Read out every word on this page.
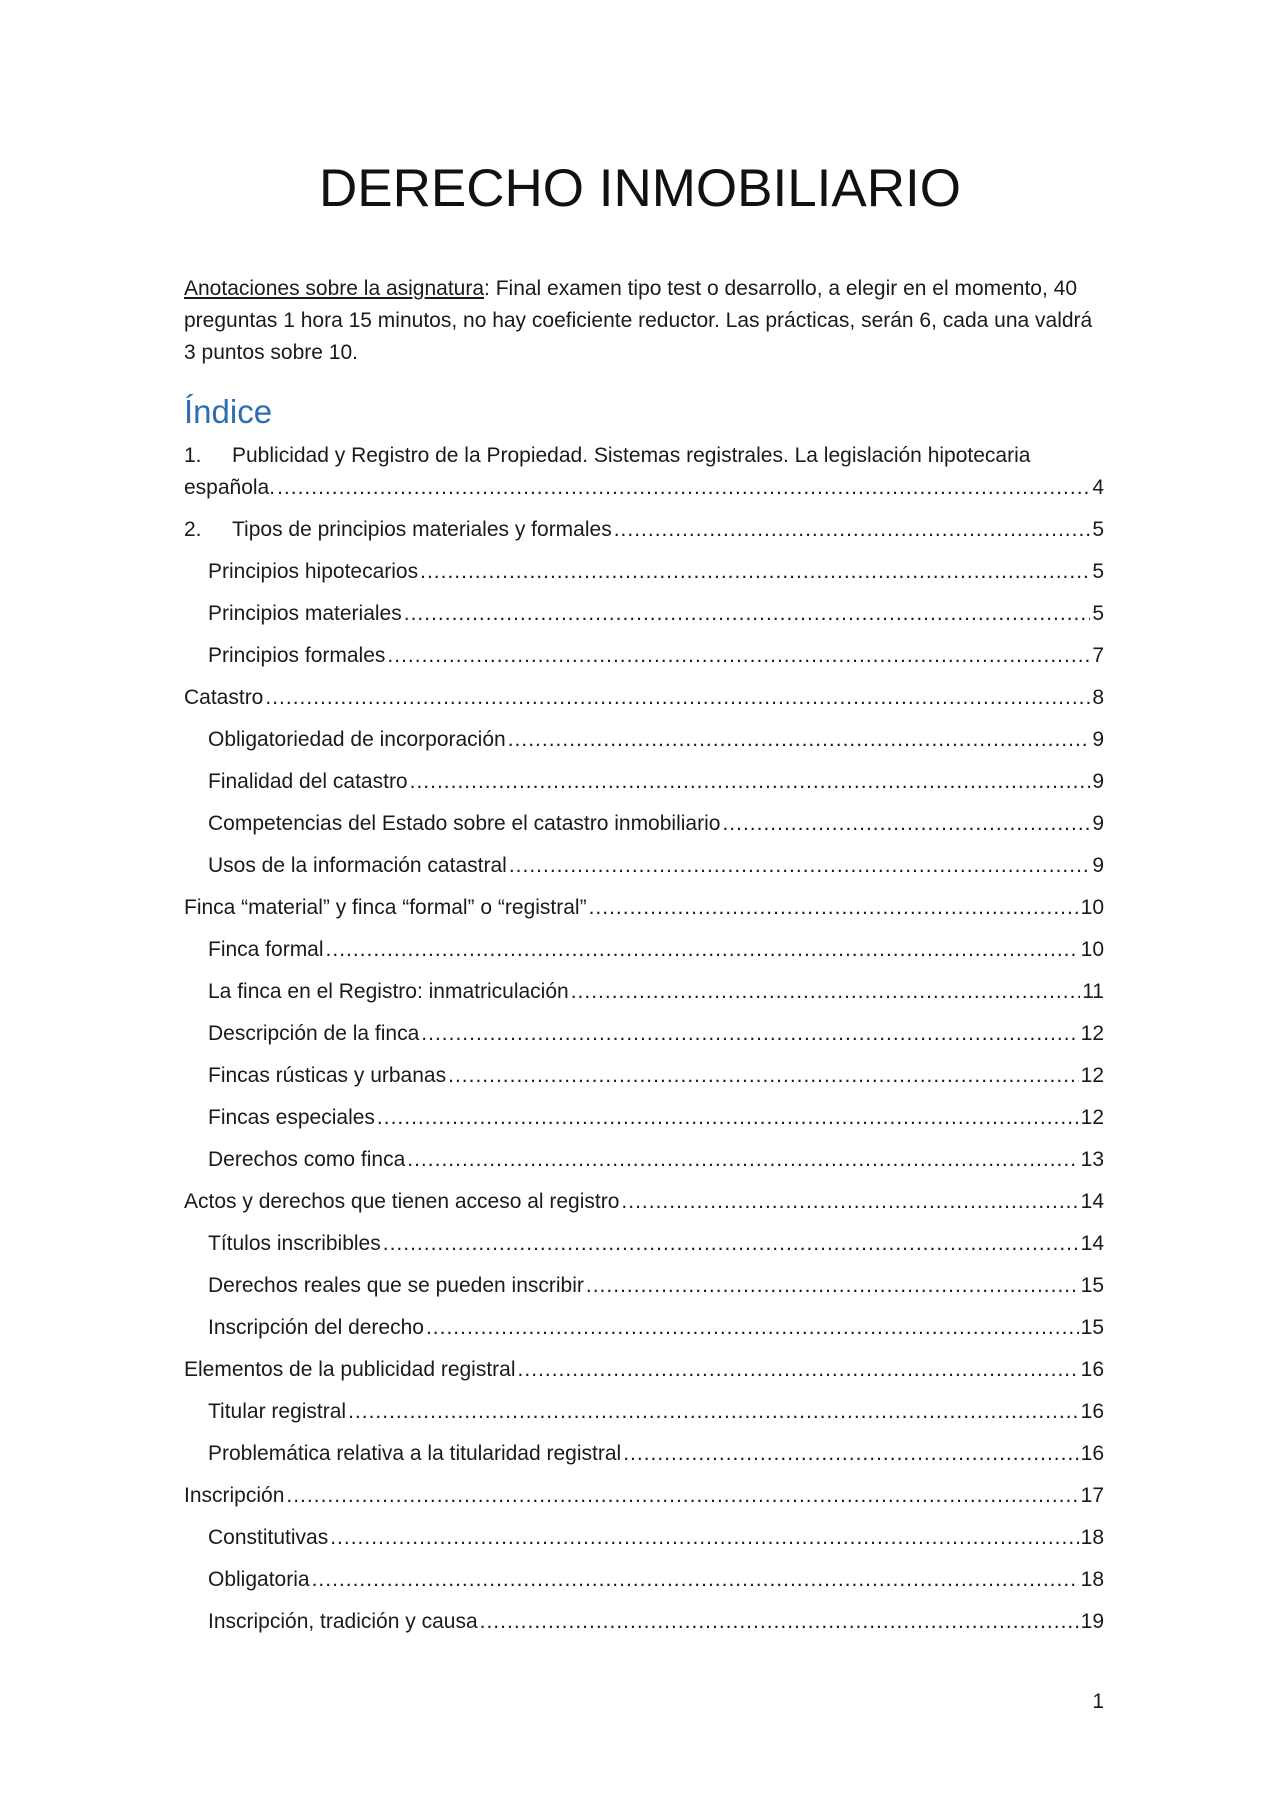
DERECHO INMOBILIARIO
Anotaciones sobre la asignatura: Final examen tipo test o desarrollo, a elegir en el momento, 40 preguntas 1 hora 15 minutos, no hay coeficiente reductor. Las prácticas, serán 6, cada una valdrá 3 puntos sobre 10.
Índice
1. Publicidad y Registro de la Propiedad. Sistemas registrales. La legislación hipotecaria
española. .....	4
2. Tipos de principios materiales y formales .....	5
Principios hipotecarios .....	5
Principios materiales .....	5
Principios formales .....	7
Catastro .....	8
Obligatoriedad de incorporación .....	9
Finalidad del catastro .....	9
Competencias del Estado sobre el catastro inmobiliario .....	9
Usos de la información catastral .....	9
Finca “material” y finca “formal” o “registral” .....	10
Finca formal .....	10
La finca en el Registro: inmatriculación .....	11
Descripción de la finca .....	12
Fincas rústicas y urbanas .....	12
Fincas especiales .....	12
Derechos como finca .....	13
Actos y derechos que tienen acceso al registro .....	14
Títulos inscribibles .....	14
Derechos reales que se pueden inscribir .....	15
Inscripción del derecho .....	15
Elementos de la publicidad registral .....	16
Titular registral .....	16
Problemática relativa a la titularidad registral .....	16
Inscripción .....	17
Constitutivas .....	18
Obligatoria .....	18
Inscripción, tradición y causa .....	19
1
